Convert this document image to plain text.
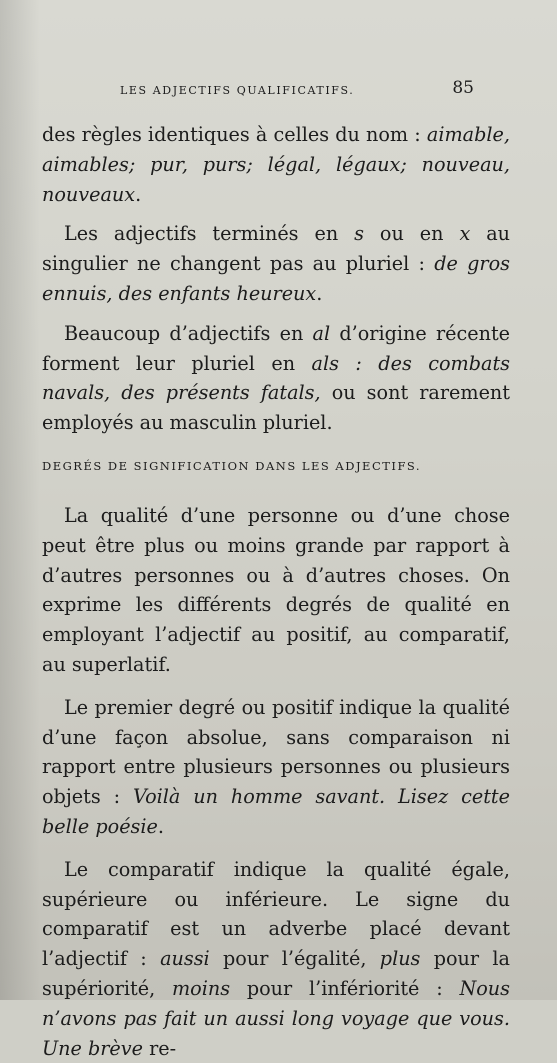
LES ADJECTIFS QUALIFICATIFS.	85

des règles identiques à celles du nom : aimable, aimables; pur, purs; légal, légaux; nouveau, nouveaux.

Les adjectifs terminés en s ou en x au singulier ne changent pas au pluriel : de gros ennuis, des enfants heureux.

Beaucoup d’adjectifs en al d’origine récente forment leur pluriel en als : des combats navals, des présents fatals, ou sont rarement employés au masculin pluriel.

DEGRÉS DE SIGNIFICATION DANS LES ADJECTIFS.

La qualité d’une personne ou d’une chose peut être plus ou moins grande par rapport à d’autres personnes ou à d’autres choses. On exprime les différents degrés de qualité en employant l’adjectif au positif, au comparatif, au superlatif.

Le premier degré ou positif indique la qualité d’une façon absolue, sans comparaison ni rapport entre plusieurs personnes ou plusieurs objets : Voilà un homme savant. Lisez cette belle poésie.

Le comparatif indique la qualité égale, supérieure ou inférieure. Le signe du comparatif est un adverbe placé devant l’adjectif : aussi pour l’égalité, plus pour la supériorité, moins pour l’infériorité : Nous n’avons pas fait un aussi long voyage que vous. Une brève re-
